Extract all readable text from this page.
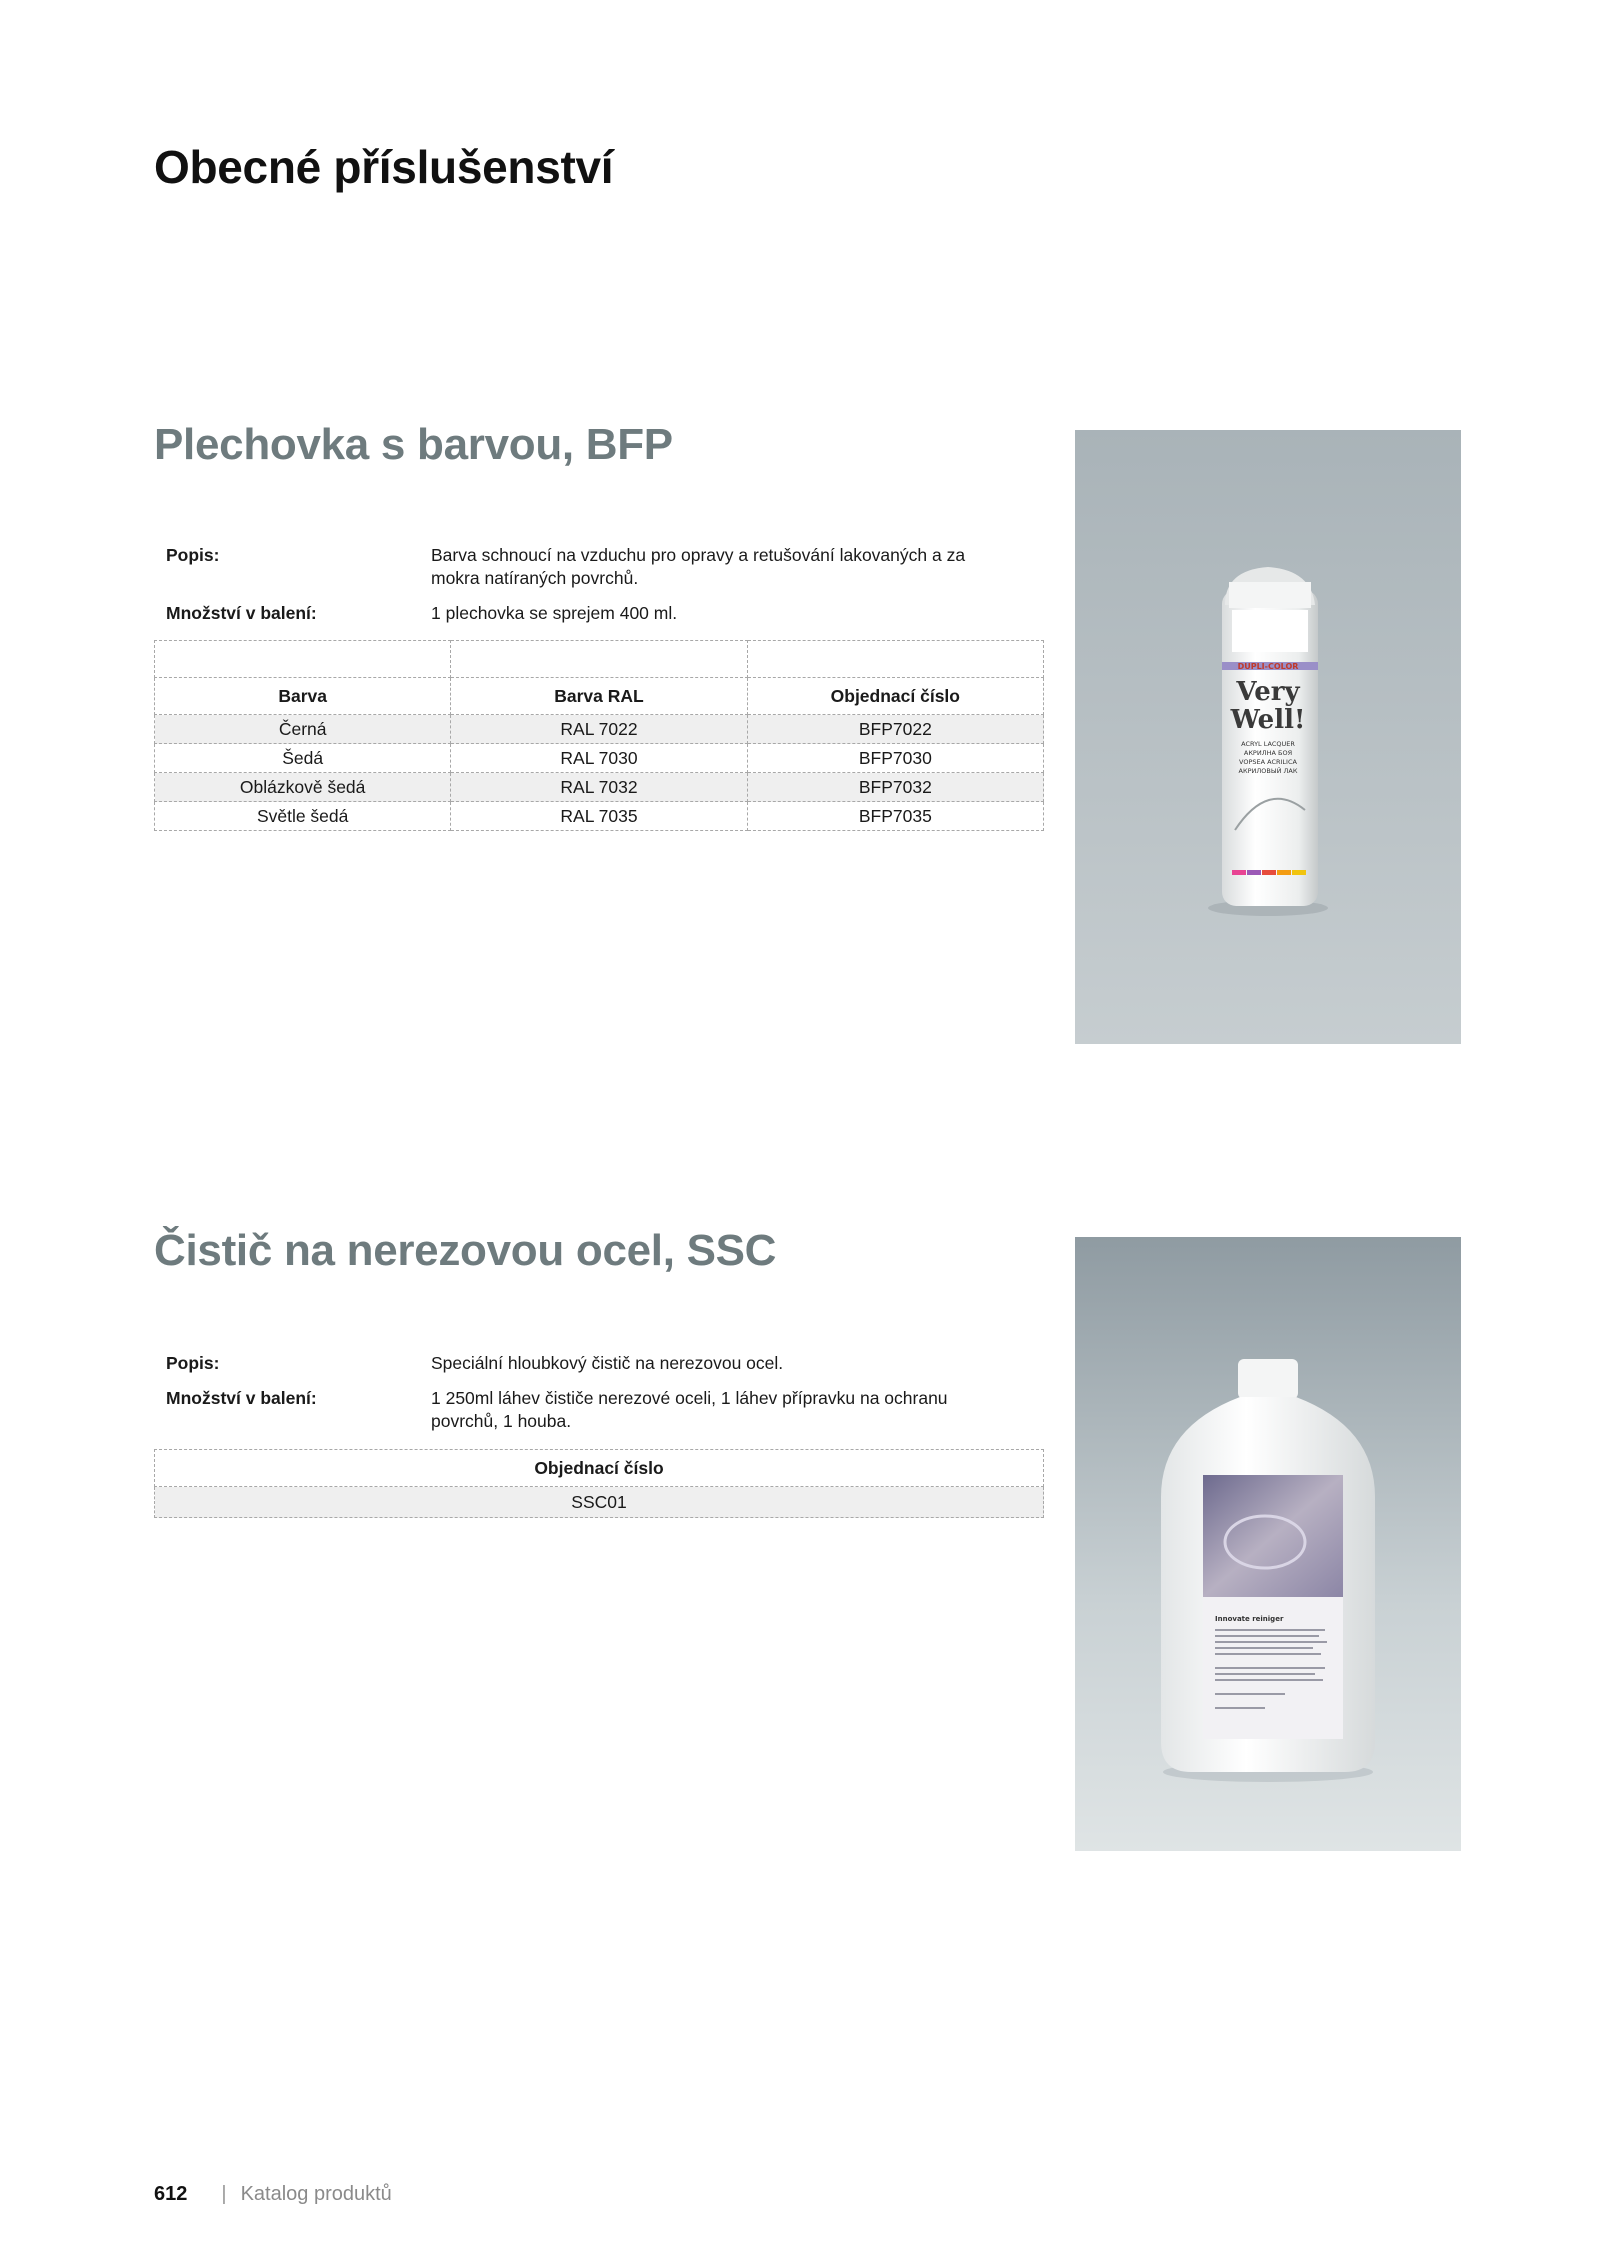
Obecné příslušenství
Plechovka s barvou, BFP
Popis:	Barva schnoucí na vzduchu pro opravy a retušování lakovaných a za mokra natíraných povrchů.
Množství v balení:	1 plechovka se sprejem 400 ml.

Barva	Barva RAL	Objednací číslo
Černá	RAL 7022	BFP7022
Šedá	RAL 7030	BFP7030
Oblázkově šedá	RAL 7032	BFP7032
Světle šedá	RAL 7035	BFP7035
DUPLI-COLOR
Very
Well!
ACRYL LACQUER
АКРИЛНА БОЯ
VOPSEA ACRILICA
АКРИЛОВЫЙ ЛАК
Čistič na nerezovou ocel, SSC
Popis:	Speciální hloubkový čistič na nerezovou ocel.
Množství v balení:	1 250ml láhev čističe nerezové oceli, 1 láhev přípravku na ochranu povrchů, 1 houba.
Objednací číslo
SSC01
Innovate reiniger
612 | Katalog produktů
